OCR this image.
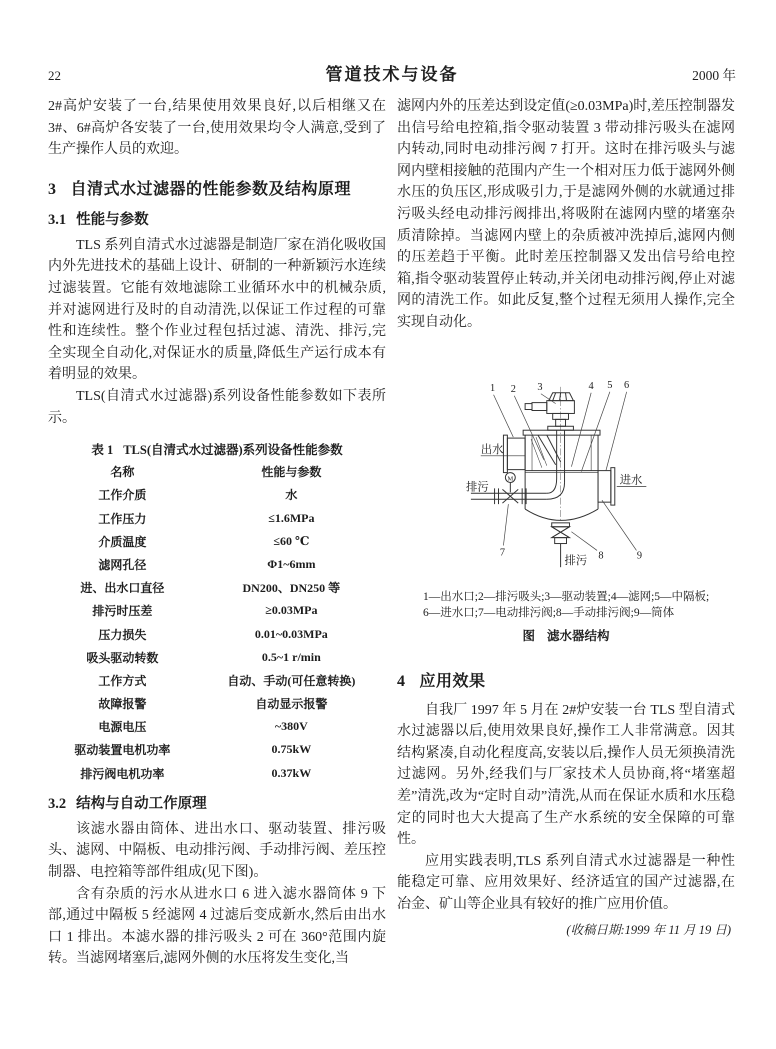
22	管道技术与设备	2000 年

2#高炉安装了一台,结果使用效果良好,以后相继又在 3#、6#高炉各安装了一台,使用效果均令人满意,受到了生产操作人员的欢迎。

3 自清式水过滤器的性能参数及结构原理
3.1 性能与参数

TLS 系列自清式水过滤器是制造厂家在消化吸收国内外先进技术的基础上设计、研制的一种新颖污水连续过滤装置。它能有效地滤除工业循环水中的机械杂质,并对滤网进行及时的自动清洗,以保证工作过程的可靠性和连续性。整个作业过程包括过滤、清洗、排污,完全实现全自动化,对保证水的质量,降低生产运行成本有着明显的效果。

TLS(自清式水过滤器)系列设备性能参数如下表所示。

表 1 TLS(自清式水过滤器)系列设备性能参数
名称	性能与参数
工作介质	水
工作压力	≤1.6MPa
介质温度	≤60 ℃
滤网孔径	Φ1~6mm
进、出水口直径	DN200、DN250 等
排污时压差	≥0.03MPa
压力损失	0.01~0.03MPa
吸头驱动转数	0.5~1 r/min
工作方式	自动、手动(可任意转换)
故障报警	自动显示报警
电源电压	~380V
驱动装置电机功率	0.75kW
排污阀电机功率	0.37kW
3.2 结构与自动工作原理

该滤水器由筒体、进出水口、驱动装置、排污吸头、滤网、中隔板、电动排污阀、手动排污阀、差压控制器、电控箱等部件组成(见下图)。

含有杂质的污水从进水口 6 进入滤水器筒体 9 下部,通过中隔板 5 经滤网 4 过滤后变成新水,然后由出水口 1 排出。本滤水器的排污吸头 2 可在 360°范围内旋转。当滤网堵塞后,滤网外侧的水压将发生变化,当

滤网内外的压差达到设定值(≥0.03MPa)时,差压控制器发出信号给电控箱,指令驱动装置 3 带动排污吸头在滤网内转动,同时电动排污阀 7 打开。这时在排污吸头与滤网内壁相接触的范围内产生一个相对压力低于滤网外侧水压的负压区,形成吸引力,于是滤网外侧的水就通过排污吸头经电动排污阀排出,将吸附在滤网内壁的堵塞杂质清除掉。当滤网内壁上的杂质被冲洗掉后,滤网内侧的压差趋于平衡。此时差压控制器又发出信号给电控箱,指令驱动装置停止转动,并关闭电动排污阀,停止对滤网的清洗工作。如此反复,整个过程无须用人操作,完全实现自动化。

1 2 3	4 5 6
7	8	9
出水
进水
排污
排污
M
1—出水口;2—排污吸头;3—驱动装置;4—滤网;5—中隔板;
6—进水口;7—电动排污阀;8—手动排污阀;9—筒体
图 滤水器结构
4 应用效果

自我厂 1997 年 5 月在 2#炉安装一台 TLS 型自清式水过滤器以后,使用效果良好,操作工人非常满意。因其结构紧凑,自动化程度高,安装以后,操作人员无须换清洗过滤网。另外,经我们与厂家技术人员协商,将“堵塞超差”清洗,改为“定时自动”清洗,从而在保证水质和水压稳定的同时也大大提高了生产水系统的安全保障的可靠性。

应用实践表明,TLS 系列自清式水过滤器是一种性能稳定可靠、应用效果好、经济适宜的国产过滤器,在冶金、矿山等企业具有较好的推广应用价值。

(收稿日期:1999 年 11 月 19 日)
